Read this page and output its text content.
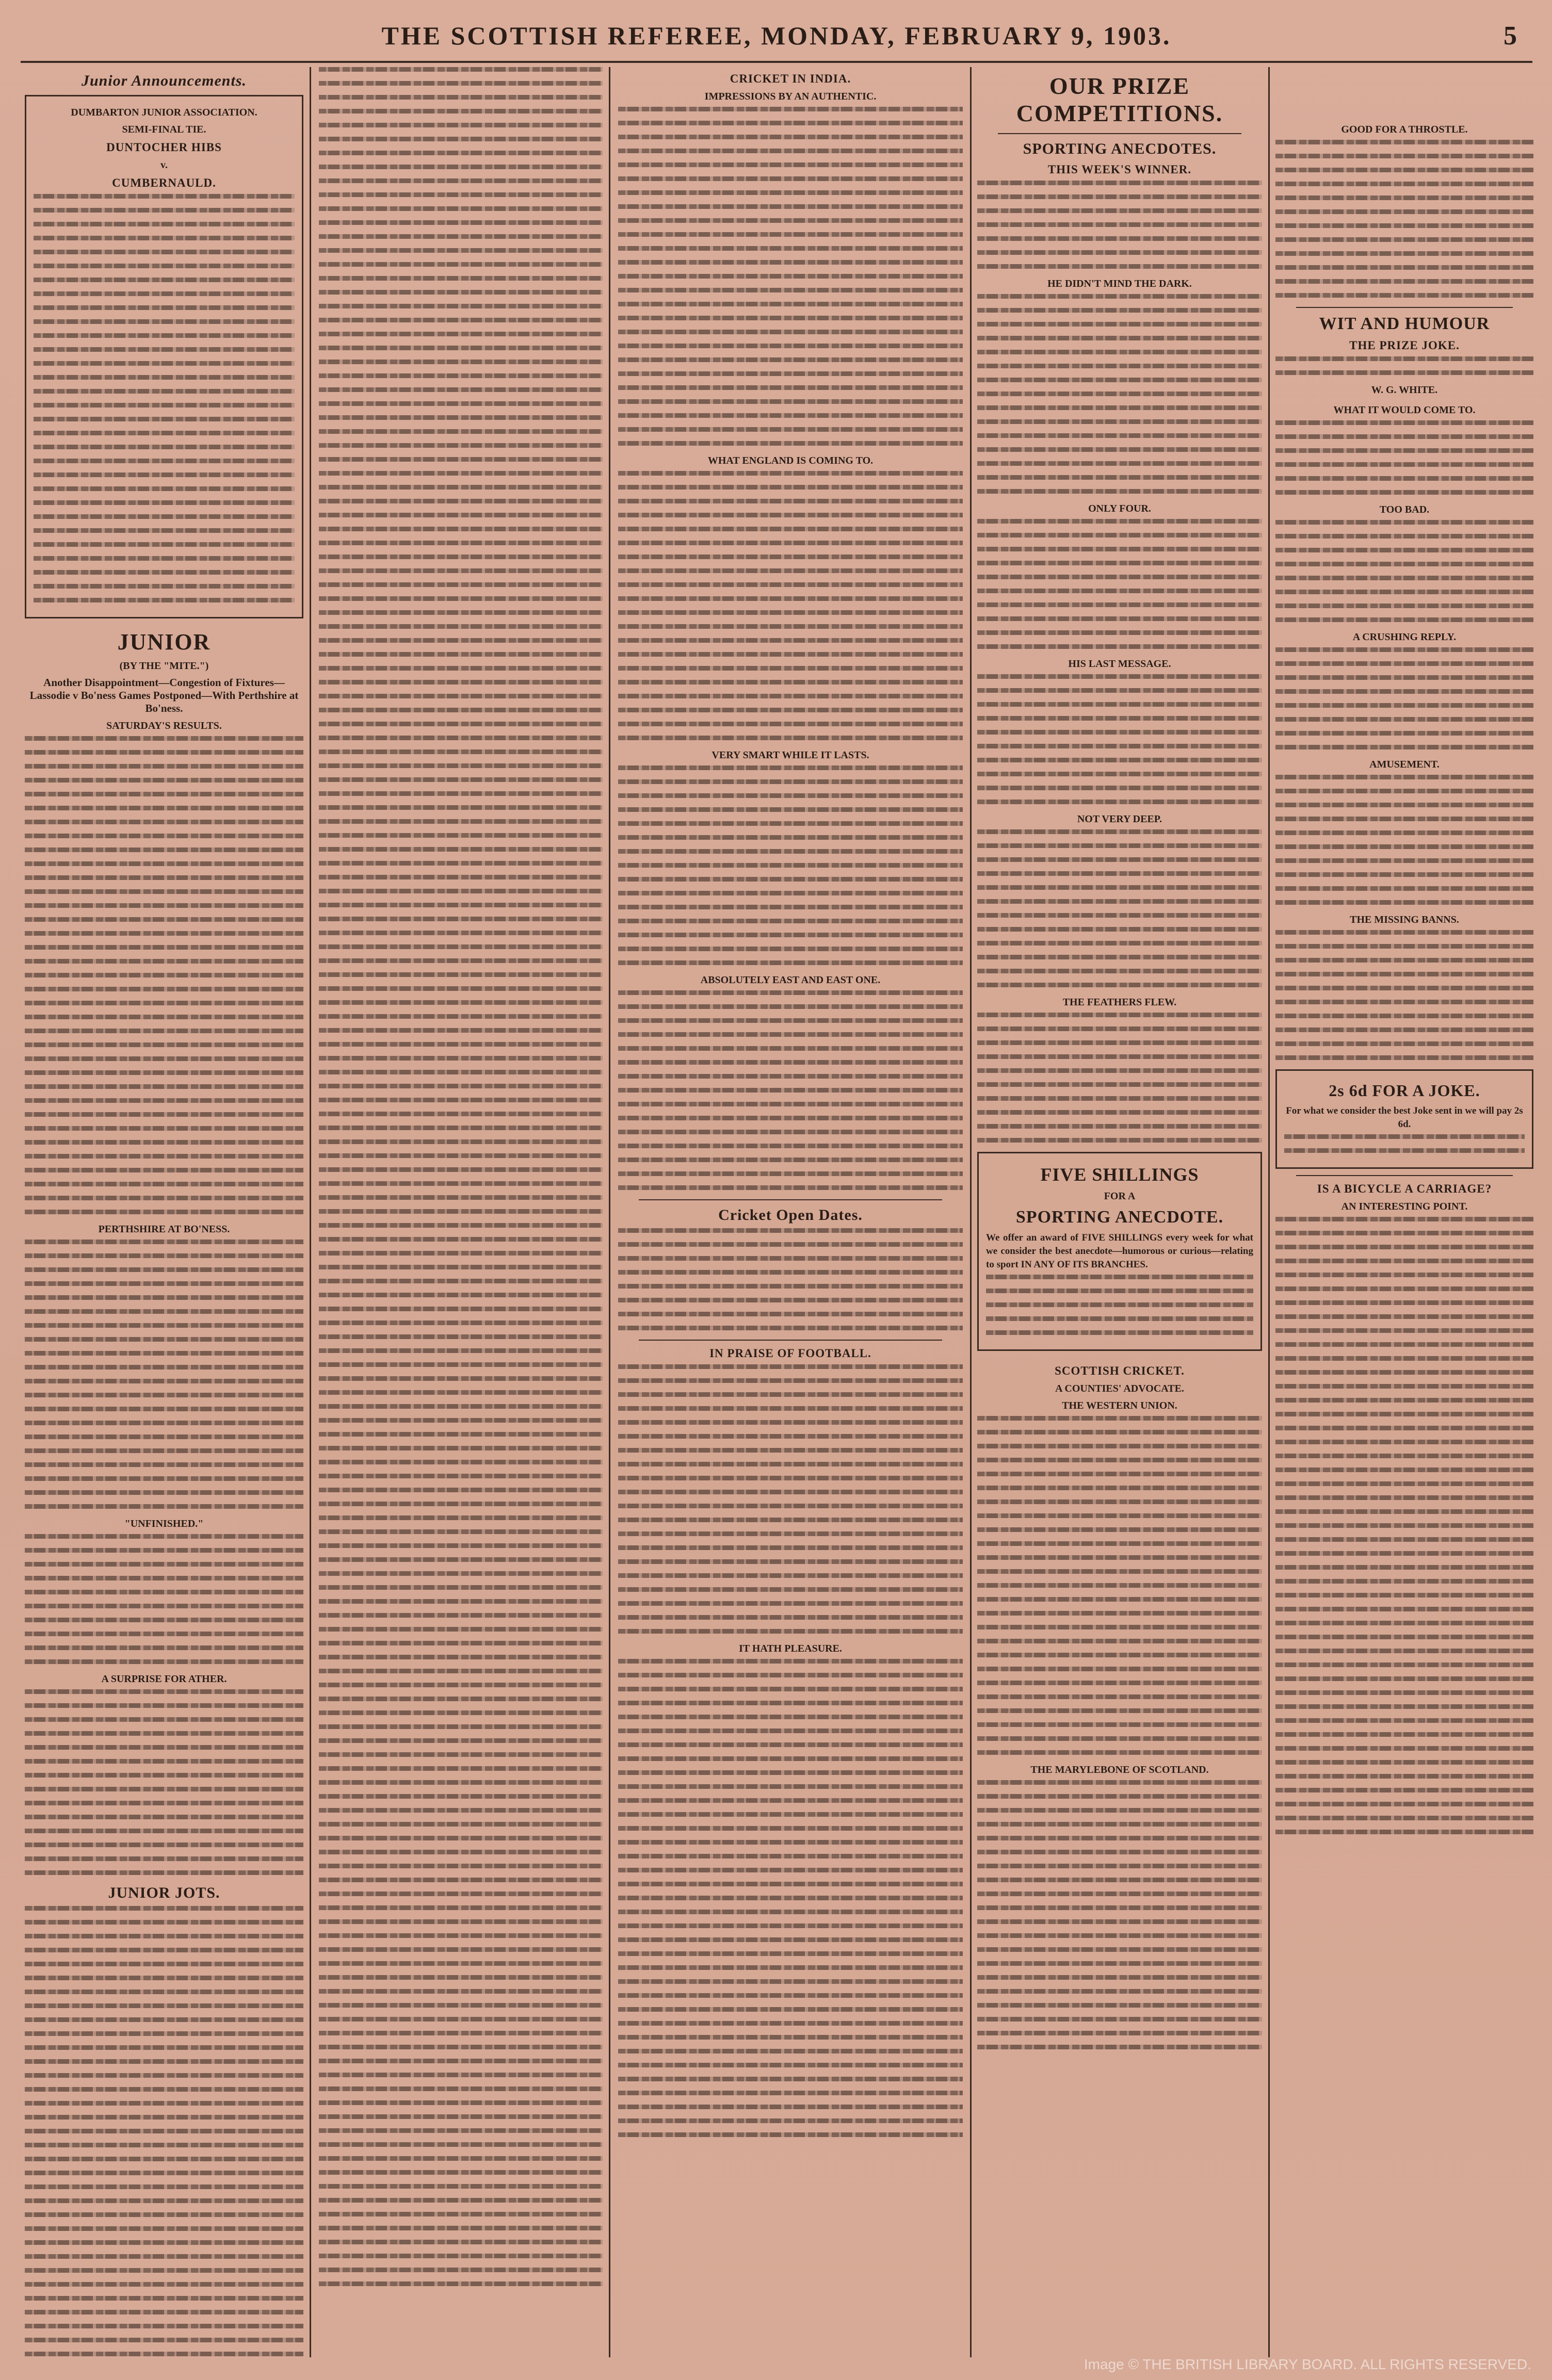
THE SCOTTISH REFEREE, MONDAY, FEBRUARY 9, 1903.	5
Junior Announcements.
DUMBARTON JUNIOR ASSOCIATION.
SEMI-FINAL TIE.
DUNTOCHER HIBS
v.
CUMBERNAULD.
JUNIOR
(BY THE "MITE.")
Another Disappointment—Congestion of Fixtures—Lassodie v Bo'ness Games Postponed—With Perthshire at Bo'ness.
SATURDAY'S RESULTS.
PERTHSHIRE AT BO'NESS.
"UNFINISHED."
A SURPRISE FOR ATHER.
JUNIOR JOTS.
CRICKET IN INDIA.
IMPRESSIONS BY AN AUTHENTIC.
WHAT ENGLAND IS COMING TO.
VERY SMART WHILE IT LASTS.
ABSOLUTELY EAST AND EAST ONE.
Cricket Open Dates.
IN PRAISE OF FOOTBALL.
IT HATH PLEASURE.
OUR PRIZE COMPETITIONS.
SPORTING ANECDOTES.
THIS WEEK'S WINNER.
HE DIDN'T MIND THE DARK.
ONLY FOUR.
HIS LAST MESSAGE.
NOT VERY DEEP.
THE FEATHERS FLEW.
FIVE SHILLINGS
FOR A
SPORTING ANECDOTE.
We offer an award of FIVE SHILLINGS every week for what we consider the best anecdote—humorous or curious—relating to sport IN ANY OF ITS BRANCHES.
SCOTTISH CRICKET.
A COUNTIES' ADVOCATE.
THE WESTERN UNION.
THE MARYLEBONE OF SCOTLAND.
GOOD FOR A THROSTLE.
WIT AND HUMOUR
THE PRIZE JOKE.
W. G. WHITE.
WHAT IT WOULD COME TO.
TOO BAD.
A CRUSHING REPLY.
AMUSEMENT.
THE MISSING BANNS.
2s 6d FOR A JOKE.
For what we consider the best Joke sent in we will pay 2s 6d.
IS A BICYCLE A CARRIAGE?
AN INTERESTING POINT.
Image © THE BRITISH LIBRARY BOARD. ALL RIGHTS RESERVED.
